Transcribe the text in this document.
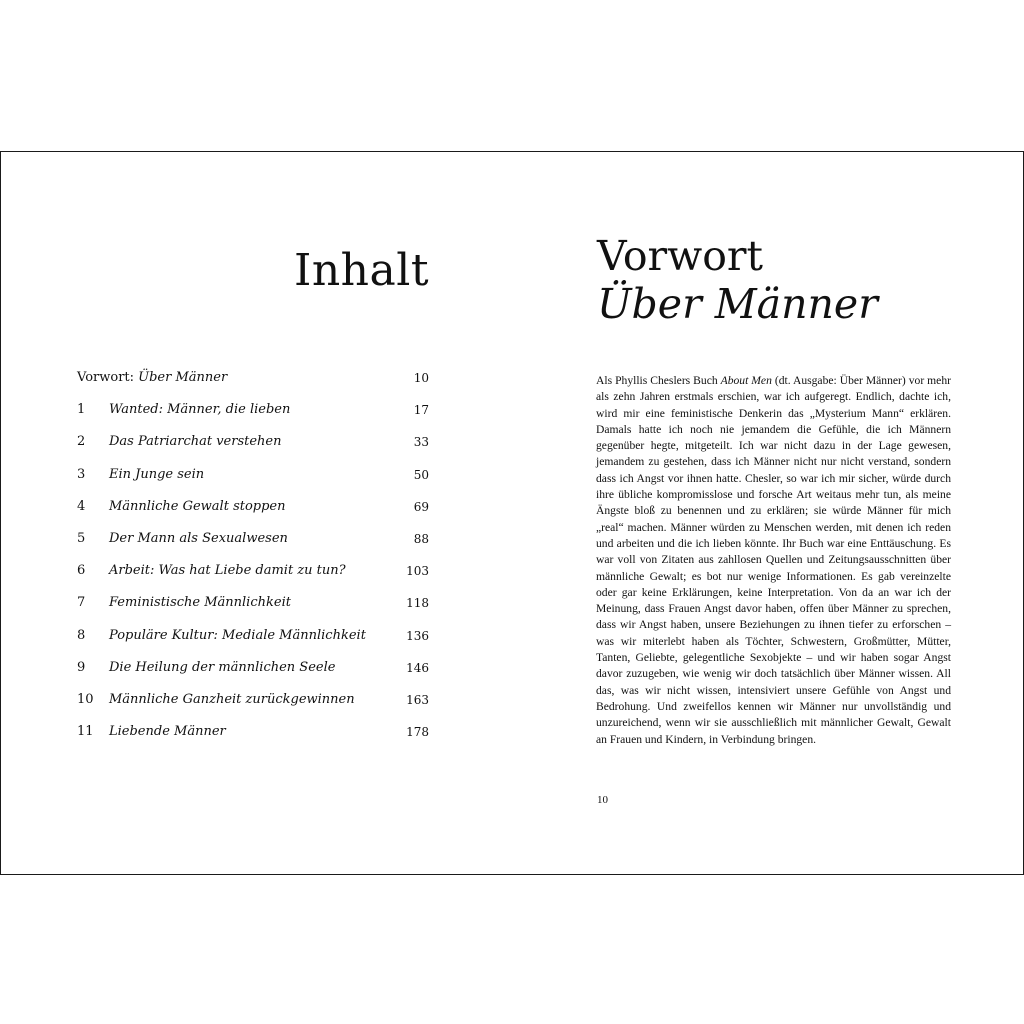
Inhalt
Vorwort: Über Männer	10
1 Wanted: Männer, die lieben	17
2 Das Patriarchat verstehen	33
3 Ein Junge sein	50
4 Männliche Gewalt stoppen	69
5 Der Mann als Sexualwesen	88
6 Arbeit: Was hat Liebe damit zu tun?	103
7 Feministische Männlichkeit	118
8 Populäre Kultur: Mediale Männlichkeit	136
9 Die Heilung der männlichen Seele	146
10 Männliche Ganzheit zurückgewinnen	163
11 Liebende Männer	178
Vorwort
Über Männer

Als Phyllis Cheslers Buch About Men (dt. Ausgabe: Über Männer) vor mehr als zehn Jahren erstmals erschien, war ich aufgeregt. Endlich, dachte ich, wird mir eine feministische Denkerin das „Mysterium Mann“ erklären. Damals hatte ich noch nie jemandem die Gefühle, die ich Männern gegenüber hegte, mitgeteilt. Ich war nicht dazu in der Lage gewesen, jemandem zu gestehen, dass ich Männer nicht nur nicht verstand, sondern dass ich Angst vor ihnen hatte. Chesler, so war ich mir sicher, würde durch ihre übliche kompromisslose und forsche Art weitaus mehr tun, als meine Ängste bloß zu benennen und zu erklären; sie würde Männer für mich „real“ machen. Männer würden zu Menschen werden, mit denen ich reden und arbeiten und die ich lieben könnte. Ihr Buch war eine Enttäuschung. Es war voll von Zitaten aus zahllosen Quellen und Zeitungsausschnitten über männliche Gewalt; es bot nur wenige Informationen. Es gab vereinzelte oder gar keine Erklärungen, keine Interpretation. Von da an war ich der Meinung, dass Frauen Angst davor haben, offen über Männer zu sprechen, dass wir Angst haben, unsere Beziehungen zu ihnen tiefer zu erforschen – was wir miterlebt haben als Töchter, Schwestern, Großmütter, Mütter, Tanten, Geliebte, gelegentliche Sexobjekte – und wir haben sogar Angst davor zuzugeben, wie wenig wir doch tatsächlich über Männer wissen. All das, was wir nicht wissen, intensiviert unsere Gefühle von Angst und Bedrohung. Und zweifellos kennen wir Männer nur unvollständig und unzureichend, wenn wir sie ausschließlich mit männlicher Gewalt, Gewalt an Frauen und Kindern, in Verbindung bringen.

10
